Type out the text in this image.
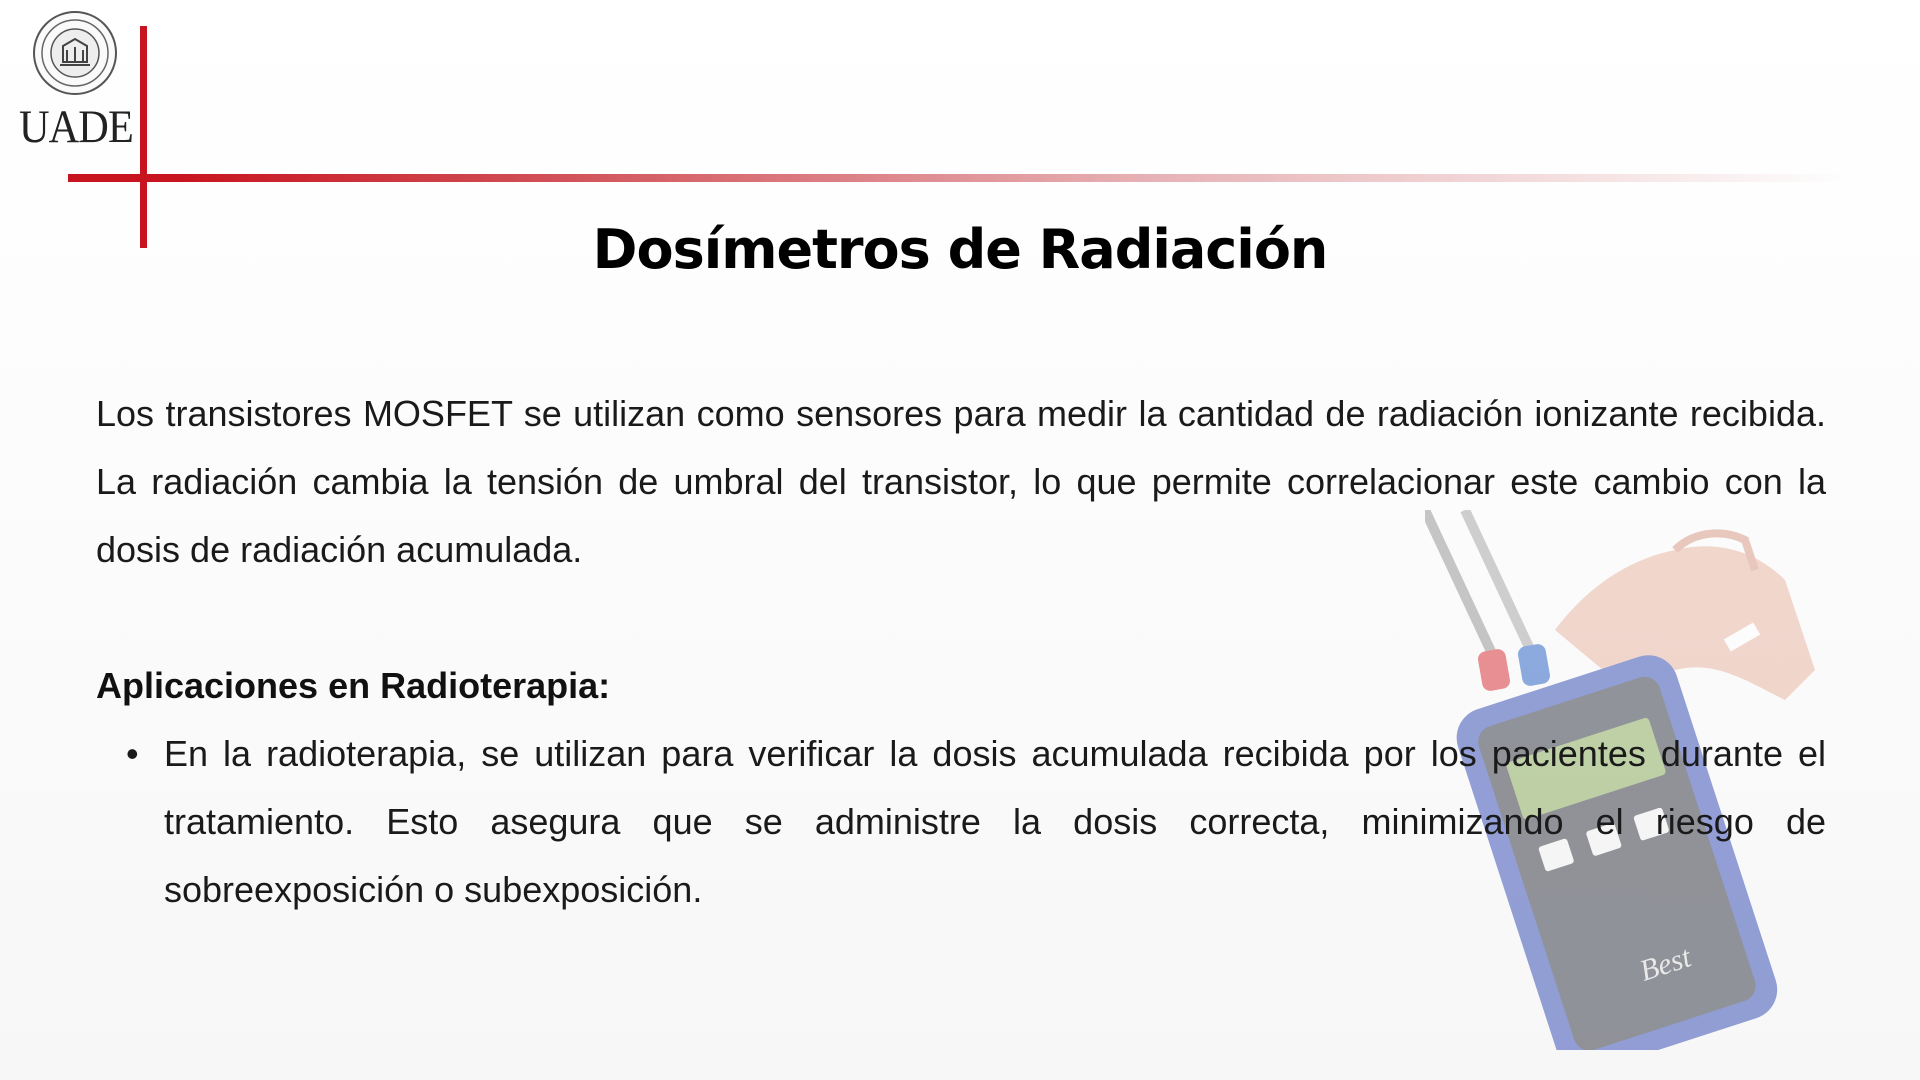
UADE
Dosímetros de Radiación
Best

Los transistores MOSFET se utilizan como sensores para medir la cantidad de radiación ionizante recibida. La radiación cambia la tensión de umbral del transistor, lo que permite correlacionar este cambio con la dosis de radiación acumulada.

Aplicaciones en Radioterapia:
• En la radioterapia, se utilizan para verificar la dosis acumulada recibida por los pacientes durante el tratamiento. Esto asegura que se administre la dosis correcta, minimizando el riesgo de sobreexposición o subexposición.
